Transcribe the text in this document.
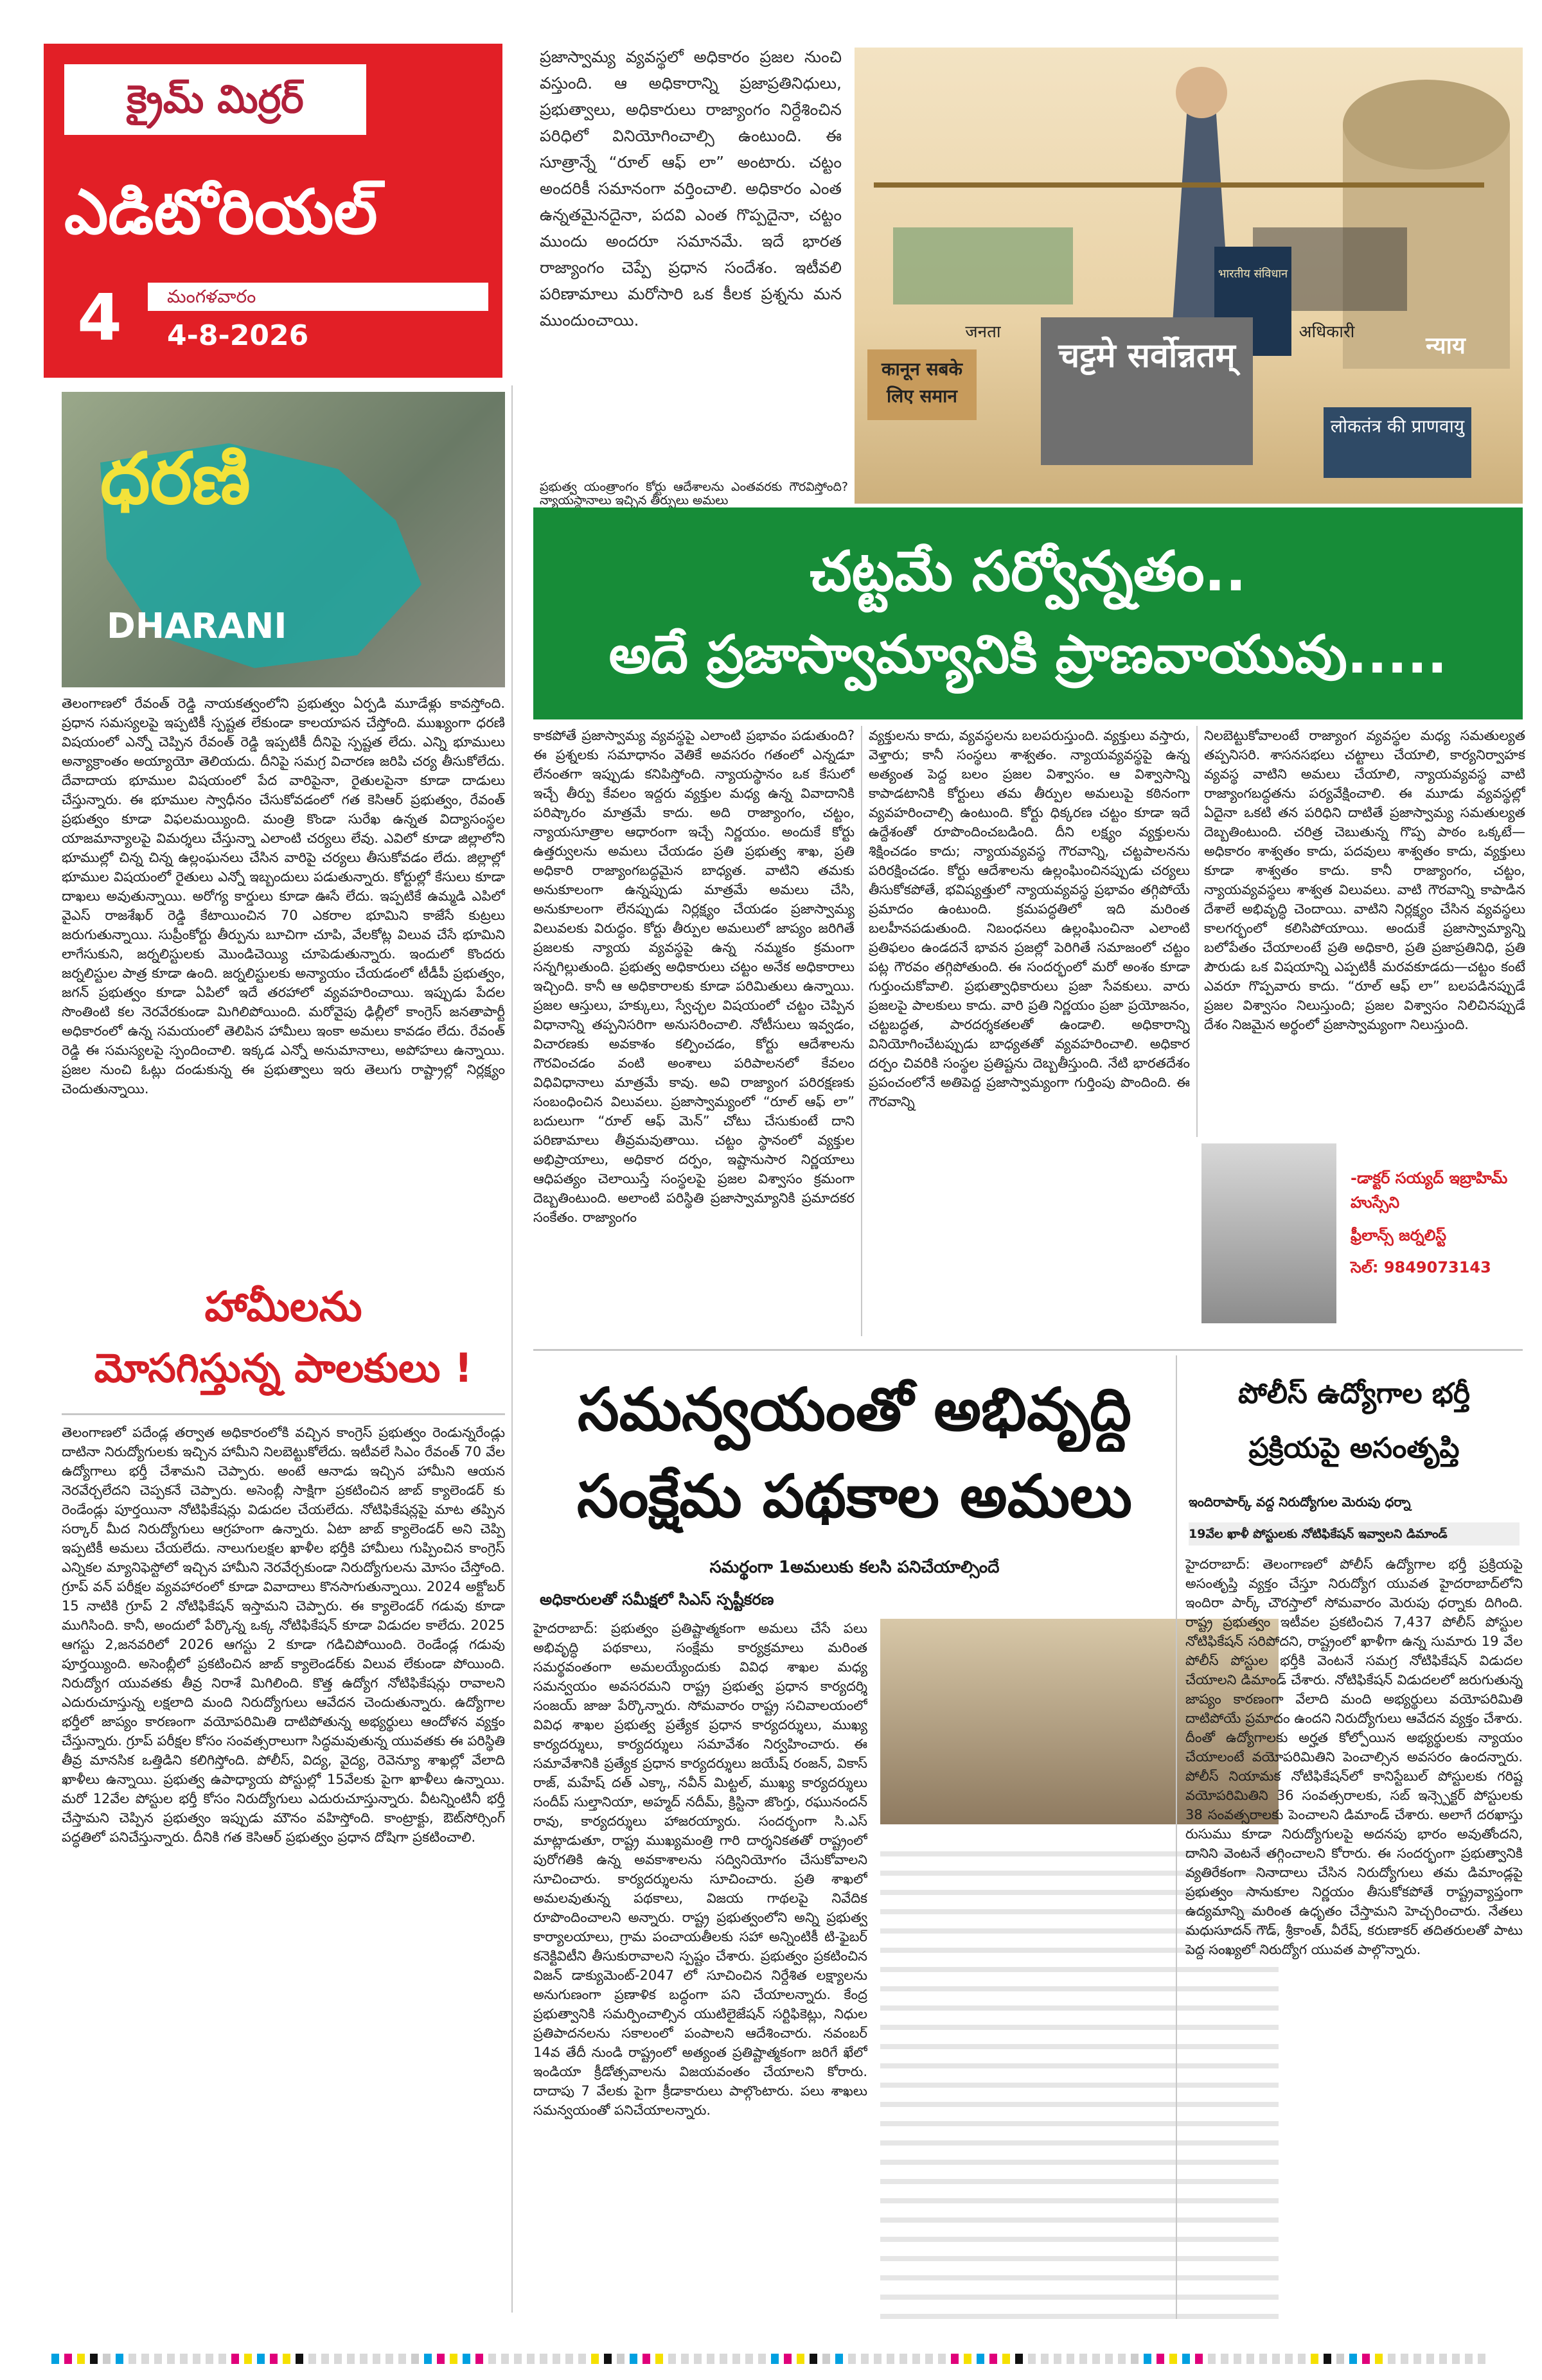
క్రైమ్ మిర్రర్
ఎడిటోరియల్
4	మంగళవారం
4-8-2026
ధరణి
DHARANI
ప్రజాస్వామ్య వ్యవస్థలో అధికారం ప్రజల నుంచి వస్తుంది. ఆ అధికారాన్ని ప్రజాప్రతినిధులు, ప్రభుత్వాలు, అధికారులు రాజ్యాంగం నిర్దేశించిన పరిధిలో వినియోగించాల్సి ఉంటుంది. ఈ సూత్రాన్నే “రూల్ ఆఫ్ లా” అంటారు. చట్టం అందరికీ సమానంగా వర్తించాలి. అధికారం ఎంత ఉన్నతమైనదైనా, పదవి ఎంత గొప్పదైనా, చట్టం ముందు అందరూ సమానమే. ఇదే భారత రాజ్యాంగం చెప్పే ప్రధాన సందేశం. ఇటీవలి పరిణామాలు మరోసారి ఒక కీలక ప్రశ్నను మన ముందుంచాయి.
ప్రభుత్వ యంత్రాంగం కోర్టు ఆదేశాలను ఎంతవరకు గౌరవిస్తోంది? న్యాయస్థానాలు ఇచ్చిన తీర్పులు అమలు
जनता	अधिकारी
भारतीय संविधान
कानून सबके लिए समान
चट्टमे सर्वोन्नतम्	न्याय
लोकतंत्र की प्राणवायु
చట్టమే సర్వోన్నతం..
అదే ప్రజాస్వామ్యానికి ప్రాణవాయువు.....
కాకపోతే ప్రజాస్వామ్య వ్యవస్థపై ఎలాంటి ప్రభావం పడుతుంది? ఈ ప్రశ్నలకు సమాధానం వెతికే అవసరం గతంలో ఎన్నడూ లేనంతగా ఇప్పుడు కనిపిస్తోంది. న్యాయస్థానం ఒక కేసులో ఇచ్చే తీర్పు కేవలం ఇద్దరు వ్యక్తుల మధ్య ఉన్న వివాదానికి పరిష్కారం మాత్రమే కాదు. అది రాజ్యాంగం, చట్టం, న్యాయసూత్రాల ఆధారంగా ఇచ్చే నిర్ణయం. అందుకే కోర్టు ఉత్తర్వులను అమలు చేయడం ప్రతి ప్రభుత్వ శాఖ, ప్రతి అధికారి రాజ్యాంగబద్ధమైన బాధ్యత. వాటిని తమకు అనుకూలంగా ఉన్నప్పుడు మాత్రమే అమలు చేసి, అనుకూలంగా లేనప్పుడు నిర్లక్ష్యం చేయడం ప్రజాస్వామ్య విలువలకు విరుద్ధం. కోర్టు తీర్పుల అమలులో జాప్యం జరిగితే ప్రజలకు న్యాయ వ్యవస్థపై ఉన్న నమ్మకం క్రమంగా సన్నగిల్లుతుంది. ప్రభుత్వ అధికారులు చట్టం అనేక అధికారాలు ఇచ్చింది. కానీ ఆ అధికారాలకు కూడా పరిమితులు ఉన్నాయి. ప్రజల ఆస్తులు, హక్కులు, స్వేచ్ఛల విషయంలో చట్టం చెప్పిన విధానాన్ని తప్పనిసరిగా అనుసరించాలి. నోటీసులు ఇవ్వడం, విచారణకు అవకాశం కల్పించడం, కోర్టు ఆదేశాలను గౌరవించడం వంటి అంశాలు పరిపాలనలో కేవలం విధివిధానాలు మాత్రమే కావు. అవి రాజ్యాంగ పరిరక్షణకు సంబంధించిన విలువలు. ప్రజాస్వామ్యంలో “రూల్ ఆఫ్ లా” బదులుగా “రూల్ ఆఫ్ మెన్” చోటు చేసుకుంటే దాని పరిణామాలు తీవ్రమవుతాయి. చట్టం స్థానంలో వ్యక్తుల అభిప్రాయాలు, అధికార దర్పం, ఇష్టానుసార నిర్ణయాలు ఆధిపత్యం చెలాయిస్తే సంస్థలపై ప్రజల విశ్వాసం క్రమంగా దెబ్బతింటుంది. అలాంటి పరిస్థితి ప్రజాస్వామ్యానికి ప్రమాదకర సంకేతం. రాజ్యాంగం
వ్యక్తులను కాదు, వ్యవస్థలను బలపరుస్తుంది. వ్యక్తులు వస్తారు, వెళ్తారు; కానీ సంస్థలు శాశ్వతం. న్యాయవ్యవస్థపై ఉన్న అత్యంత పెద్ద బలం ప్రజల విశ్వాసం. ఆ విశ్వాసాన్ని కాపాడటానికి కోర్టులు తమ తీర్పుల అమలుపై కఠినంగా వ్యవహరించాల్సి ఉంటుంది. కోర్టు ధిక్కరణ చట్టం కూడా ఇదే ఉద్దేశంతో రూపొందించబడింది. దీని లక్ష్యం వ్యక్తులను శిక్షించడం కాదు; న్యాయవ్యవస్థ గౌరవాన్ని, చట్టపాలనను పరిరక్షించడం. కోర్టు ఆదేశాలను ఉల్లంఘించినప్పుడు చర్యలు తీసుకోకపోతే, భవిష్యత్తులో న్యాయవ్యవస్థ ప్రభావం తగ్గిపోయే ప్రమాదం ఉంటుంది. క్రమపద్ధతిలో ఇది మరింత బలహీనపడుతుంది. నిబంధనలు ఉల్లంఘించినా ఎలాంటి ప్రతిఫలం ఉండదనే భావన ప్రజల్లో పెరిగితే సమాజంలో చట్టం పట్ల గౌరవం తగ్గిపోతుంది. ఈ సందర్భంలో మరో అంశం కూడా గుర్తుంచుకోవాలి. ప్రభుత్వాధికారులు ప్రజా సేవకులు. వారు ప్రజలపై పాలకులు కాదు. వారి ప్రతి నిర్ణయం ప్రజా ప్రయోజనం, చట్టబద్ధత, పారదర్శకతలతో ఉండాలి. అధికారాన్ని వినియోగించేటప్పుడు బాధ్యతతో వ్యవహరించాలి. అధికార దర్పం చివరికి సంస్థల ప్రతిష్టను దెబ్బతీస్తుంది. నేటి భారతదేశం ప్రపంచంలోనే అతిపెద్ద ప్రజాస్వామ్యంగా గుర్తింపు పొందింది. ఈ గౌరవాన్ని
నిలబెట్టుకోవాలంటే రాజ్యాంగ వ్యవస్థల మధ్య సమతుల్యత తప్పనిసరి. శాసనసభలు చట్టాలు చేయాలి, కార్యనిర్వాహక వ్యవస్థ వాటిని అమలు చేయాలి, న్యాయవ్యవస్థ వాటి రాజ్యాంగబద్ధతను పర్యవేక్షించాలి. ఈ మూడు వ్యవస్థల్లో ఏదైనా ఒకటి తన పరిధిని దాటితే ప్రజాస్వామ్య సమతుల్యత దెబ్బతింటుంది. చరిత్ర చెబుతున్న గొప్ప పాఠం ఒక్కటే—అధికారం శాశ్వతం కాదు, పదవులు శాశ్వతం కాదు, వ్యక్తులు కూడా శాశ్వతం కాదు. కానీ రాజ్యాంగం, చట్టం, న్యాయవ్యవస్థలు శాశ్వత విలువలు. వాటి గౌరవాన్ని కాపాడిన దేశాలే అభివృద్ధి చెందాయి. వాటిని నిర్లక్ష్యం చేసిన వ్యవస్థలు కాలగర్భంలో కలిసిపోయాయి. అందుకే ప్రజాస్వామ్యాన్ని బలోపేతం చేయాలంటే ప్రతి అధికారి, ప్రతి ప్రజాప్రతినిధి, ప్రతి పౌరుడు ఒక విషయాన్ని ఎప్పటికీ మరవకూడదు—చట్టం కంటే ఎవరూ గొప్పవారు కాదు. “రూల్ ఆఫ్ లా” బలపడినప్పుడే ప్రజల విశ్వాసం నిలుస్తుంది; ప్రజల విశ్వాసం నిలిచినప్పుడే దేశం నిజమైన అర్థంలో ప్రజాస్వామ్యంగా నిలుస్తుంది.
-డాక్టర్ సయ్యద్ ఇబ్రాహిమ్ హుస్సేని
ఫ్రీలాన్స్ జర్నలిస్ట్
సెల్: 9849073143
తెలంగాణలో రేవంత్ రెడ్డి నాయకత్వంలోని ప్రభుత్వం ఏర్పడి మూడేళ్లు కావస్తోంది. ప్రధాన సమస్యలపై ఇప్పటికీ స్పష్టత లేకుండా కాలయాపన చేస్తోంది. ముఖ్యంగా ధరణి విషయంలో ఎన్నో చెప్పిన రేవంత్ రెడ్డి ఇప్పటికీ దీనిపై స్పష్టత లేదు. ఎన్ని భూములు అన్యాక్రాంతం అయ్యాయో తెలియదు. దీనిపై సమగ్ర విచారణ జరిపి చర్య తీసుకోలేదు. దేవాదాయ భూముల విషయంలో పేద వారిపైనా, రైతులపైనా కూడా దాడులు చేస్తున్నారు. ఈ భూముల స్వాధీనం చేసుకోవడంలో గత కెసిఆర్ ప్రభుత్వం, రేవంత్ ప్రభుత్వం కూడా విఫలమయ్యింది. మంత్రి కొండా సురేఖ ఉన్నత విద్యాసంస్థల యాజమాన్యాలపై విమర్శలు చేస్తున్నా ఎలాంటి చర్యలు లేవు. ఎవిలో కూడా జిల్లాలోని భూముల్లో చిన్న చిన్న ఉల్లంఘనలు చేసిన వారిపై చర్యలు తీసుకోవడం లేదు. జిల్లాల్లో భూముల విషయంలో రైతులు ఎన్నో ఇబ్బందులు పడుతున్నారు. కోర్టుల్లో కేసులు కూడా దాఖలు అవుతున్నాయి. అరోగ్య కార్డులు కూడా ఊసే లేదు. ఇప్పటికే ఉమ్మడి ఎపిలో వైఎస్ రాజశేఖర్ రెడ్డి కేటాయించిన 70 ఎకరాల భూమిని కాజేసే కుట్రలు జరుగుతున్నాయి. సుప్రీంకోర్టు తీర్పును బూచిగా చూపి, వేలకోట్ల విలువ చేసే భూమిని లాగేసుకుని, జర్నలిస్టులకు మొండిచెయ్యి చూపెడుతున్నారు. ఇందులో కొందరు జర్నలిస్టుల పాత్ర కూడా ఉంది. జర్నలిస్టులకు అన్యాయం చేయడంలో టీడీపీ ప్రభుత్వం, జగన్ ప్రభుత్వం కూడా ఏపిలో ఇదే తరహాలో వ్యవహరించాయి. ఇప్పుడు పేదల సొంతింటి కల నెరవేరకుండా మిగిలిపోయింది. మరోవైపు ఢిల్లీలో కాంగ్రెస్ జనతాపార్టీ అధికారంలో ఉన్న సమయంలో తెలిపిన హామీలు ఇంకా అమలు కావడం లేదు. రేవంత్ రెడ్డి ఈ సమస్యలపై స్పందించాలి. ఇక్కడ ఎన్నో అనుమానాలు, అపోహలు ఉన్నాయి. ప్రజల నుంచి ఓట్లు దండుకున్న ఈ ప్రభుత్వాలు ఇరు తెలుగు రాష్ట్రాల్లో నిర్లక్ష్యం చెందుతున్నాయి.
హామీలను
మోసగిస్తున్న పాలకులు !
తెలంగాణలో పదేండ్ల తర్వాత అధికారంలోకి వచ్చిన కాంగ్రెస్ ప్రభుత్వం రెండున్నరేండ్లు దాటినా నిరుద్యోగులకు ఇచ్చిన హామీని నిలబెట్టుకోలేదు. ఇటీవలే సిఎం రేవంత్ 70 వేల ఉద్యోగాలు భర్తీ చేశామని చెప్పారు. అంటే ఆనాడు ఇచ్చిన హామీని ఆయన నెరవేర్చలేదని చెప్పకనే చెప్పారు. అసెంబ్లీ సాక్షిగా ప్రకటించిన జాబ్ క్యాలెండర్ కు రెండేండ్లు పూర్తయినా నోటిఫికేషన్లు విడుదల చేయలేదు. నోటిఫికేషన్లపై మాట తప్పిన సర్కార్ మీద నిరుద్యోగులు ఆగ్రహంగా ఉన్నారు. ఏటా జాబ్ క్యాలెండర్ అని చెప్పి ఇప్పటికీ అమలు చేయలేదు. నాలుగులక్షల ఖాళీల భర్తీకి హామీలు గుప్పించిన కాంగ్రెస్ ఎన్నికల మ్యానిఫెస్టోలో ఇచ్చిన హామీని నెరవేర్చకుండా నిరుద్యోగులను మోసం చేస్తోంది. గ్రూప్ వన్ పరీక్షల వ్యవహారంలో కూడా వివాదాలు కొనసాగుతున్నాయి. 2024 అక్టోబర్ 15 నాటికి గ్రూప్ 2 నోటిఫికేషన్ ఇస్తామని చెప్పారు. ఈ క్యాలెండర్ గడువు కూడా ముగిసింది. కానీ, అందులో పేర్కొన్న ఒక్క నోటిఫికేషన్ కూడా విడుదల కాలేదు. 2025 ఆగస్టు 2,జనవరిలో 2026 ఆగస్టు 2 కూడా గడిచిపోయింది. రెండేండ్ల గడువు పూర్తయ్యింది. అసెంబ్లీలో ప్రకటించిన జాబ్ క్యాలెండర్‌కు విలువ లేకుండా పోయింది. నిరుద్యోగ యువతకు తీవ్ర నిరాశే మిగిలింది. కొత్త ఉద్యోగ నోటిఫికేషన్లు రావాలని ఎదురుచూస్తున్న లక్షలాది మంది నిరుద్యోగులు ఆవేదన చెందుతున్నారు. ఉద్యోగాల భర్తీలో జాప్యం కారణంగా వయోపరిమితి దాటిపోతున్న అభ్యర్థులు ఆందోళన వ్యక్తం చేస్తున్నారు. గ్రూప్ పరీక్షల కోసం సంవత్సరాలుగా సిద్ధమవుతున్న యువతకు ఈ పరిస్థితి తీవ్ర మానసిక ఒత్తిడిని కలిగిస్తోంది. పోలీస్, విద్య, వైద్య, రెవెన్యూ శాఖల్లో వేలాది ఖాళీలు ఉన్నాయి. ప్రభుత్వ ఉపాధ్యాయ పోస్టుల్లో 15వేలకు పైగా ఖాళీలు ఉన్నాయి. మరో 12వేల పోస్టుల భర్తీ కోసం నిరుద్యోగులు ఎదురుచూస్తున్నారు. వీటన్నింటినీ భర్తీ చేస్తామని చెప్పిన ప్రభుత్వం ఇప్పుడు మౌనం వహిస్తోంది. కాంట్రాక్టు, ఔట్‌సోర్సింగ్ పద్ధతిలో పనిచేస్తున్నారు. దీనికి గత కెసిఆర్ ప్రభుత్వం ప్రధాన దోషిగా ప్రకటించాలి.
సమన్వయంతో అభివృద్ధి
సంక్షేమ పథకాల అమలు
సమర్థంగా 1అమలుకు కలసి పనిచేయాల్సిందే
అధికారులతో సమీక్షలో సిఎస్ స్పష్టీకరణ
హైదరాబాద్: ప్రభుత్వం ప్రతిష్టాత్మకంగా అమలు చేసే పలు అభివృద్ధి పథకాలు, సంక్షేమ కార్యక్రమాలు మరింత సమర్థవంతంగా అమలయ్యేందుకు వివిధ శాఖల మధ్య సమన్వయం అవసరమని రాష్ట్ర ప్రభుత్వ ప్రధాన కార్యదర్శి సంజయ్ జాజు పేర్కొన్నారు. సోమవారం రాష్ట్ర సచివాలయంలో వివిధ శాఖల ప్రభుత్వ ప్రత్యేక ప్రధాన కార్యదర్శులు, ముఖ్య కార్యదర్శులు, కార్యదర్శులు సమావేశం నిర్వహించారు. ఈ సమావేశానికి ప్రత్యేక ప్రధాన కార్యదర్శులు జయేష్ రంజన్, వికాస్ రాజ్, మహేష్ దత్ ఎక్కా, నవీన్ మిట్టల్, ముఖ్య కార్యదర్శులు సందీప్ సుల్తానియా, అహ్మద్ నదీమ్, క్రిస్టినా జొంగ్తు, రఘునందన్ రావు, కార్యదర్శులు హాజరయ్యారు. సందర్భంగా సి.ఎస్ మాట్లాడుతూ, రాష్ట్ర ముఖ్యమంత్రి గారి దార్శనికతతో రాష్ట్రంలో పురోగతికి ఉన్న అవకాశాలను సద్వినియోగం చేసుకోవాలని సూచించారు. కార్యదర్శులను సూచించారు. ప్రతి శాఖలో అమలవుతున్న పథకాలు, విజయ గాథలపై నివేదిక రూపొందించాలని అన్నారు. రాష్ట్ర ప్రభుత్వంలోని అన్ని ప్రభుత్వ కార్యాలయాలు, గ్రామ పంచాయతీలకు సహా అన్నింటికీ టి-ఫైబర్ కనెక్టివిటీని తీసుకురావాలని స్పష్టం చేశారు. ప్రభుత్వం ప్రకటించిన విజన్ డాక్యుమెంట్-2047 లో సూచించిన నిర్దేశిత లక్ష్యాలను అనుగుణంగా ప్రణాళిక బద్ధంగా పని చేయాలన్నారు. కేంద్ర ప్రభుత్వానికి సమర్పించాల్సిన యుటిలైజేషన్ సర్టిఫికెట్లు, నిధుల ప్రతిపాదనలను సకాలంలో పంపాలని ఆదేశించారు. నవంబర్ 14వ తేదీ నుండి రాష్ట్రంలో అత్యంత ప్రతిష్టాత్మకంగా జరిగే ఖేలో ఇండియా క్రీడోత్సవాలను విజయవంతం చేయాలని కోరారు. దాదాపు 7 వేలకు పైగా క్రీడాకారులు పాల్గొంటారు. పలు శాఖలు సమన్వయంతో పనిచేయాలన్నారు.
పోలీస్ ఉద్యోగాల భర్తీ
ప్రక్రియపై అసంతృప్తి
ఇందిరాపార్క్ వద్ద నిరుద్యోగుల మెరుపు ధర్నా
19వేల ఖాళీ పోస్టులకు నోటిఫికేషన్ ఇవ్వాలని డిమాండ్
హైదరాబాద్: తెలంగాణలో పోలీస్ ఉద్యోగాల భర్తీ ప్రక్రియపై అసంతృప్తి వ్యక్తం చేస్తూ నిరుద్యోగ యువత హైదరాబాద్‌లోని ఇందిరా పార్క్ చౌరస్తాలో సోమవారం మెరుపు ధర్నాకు దిగింది. రాష్ట్ర ప్రభుత్వం ఇటీవల ప్రకటించిన 7,437 పోలీస్ పోస్టుల నోటిఫికేషన్ సరిపోదని, రాష్ట్రంలో ఖాళీగా ఉన్న సుమారు 19 వేల పోలీస్ పోస్టుల భర్తీకి వెంటనే సమగ్ర నోటిఫికేషన్ విడుదల చేయాలని డిమాండ్ చేశారు. నోటిఫికేషన్ విడుదలలో జరుగుతున్న జాప్యం కారణంగా వేలాది మంది అభ్యర్థులు వయోపరిమితి దాటిపోయే ప్రమాదం ఉందని నిరుద్యోగులు ఆవేదన వ్యక్తం చేశారు. దీంతో ఉద్యోగాలకు అర్హత కోల్పోయిన అభ్యర్థులకు న్యాయం చేయాలంటే వయోపరిమితిని పెంచాల్సిన అవసరం ఉందన్నారు. పోలీస్ నియామక నోటిఫికేషన్‌లో కానిస్టేబుల్ పోస్టులకు గరిష్ట వయోపరిమితిని 36 సంవత్సరాలకు, సబ్ ఇన్స్పెక్టర్ పోస్టులకు 38 సంవత్సరాలకు పెంచాలని డిమాండ్ చేశారు. అలాగే దరఖాస్తు రుసుము కూడా నిరుద్యోగులపై అదనపు భారం అవుతోందని, దానిని వెంటనే తగ్గించాలని కోరారు. ఈ సందర్భంగా ప్రభుత్వానికి వ్యతిరేకంగా నినాదాలు చేసిన నిరుద్యోగులు తమ డిమాండ్లపై ప్రభుత్వం సానుకూల నిర్ణయం తీసుకోకపోతే రాష్ట్రవ్యాప్తంగా ఉద్యమాన్ని మరింత ఉధృతం చేస్తామని హెచ్చరించారు. నేతలు మధుసూదన్ గౌడ్, శ్రీకాంత్, వీరేష్, కరుణాకర్ తదితరులతో పాటు పెద్ద సంఖ్యలో నిరుద్యోగ యువత పాల్గొన్నారు.
